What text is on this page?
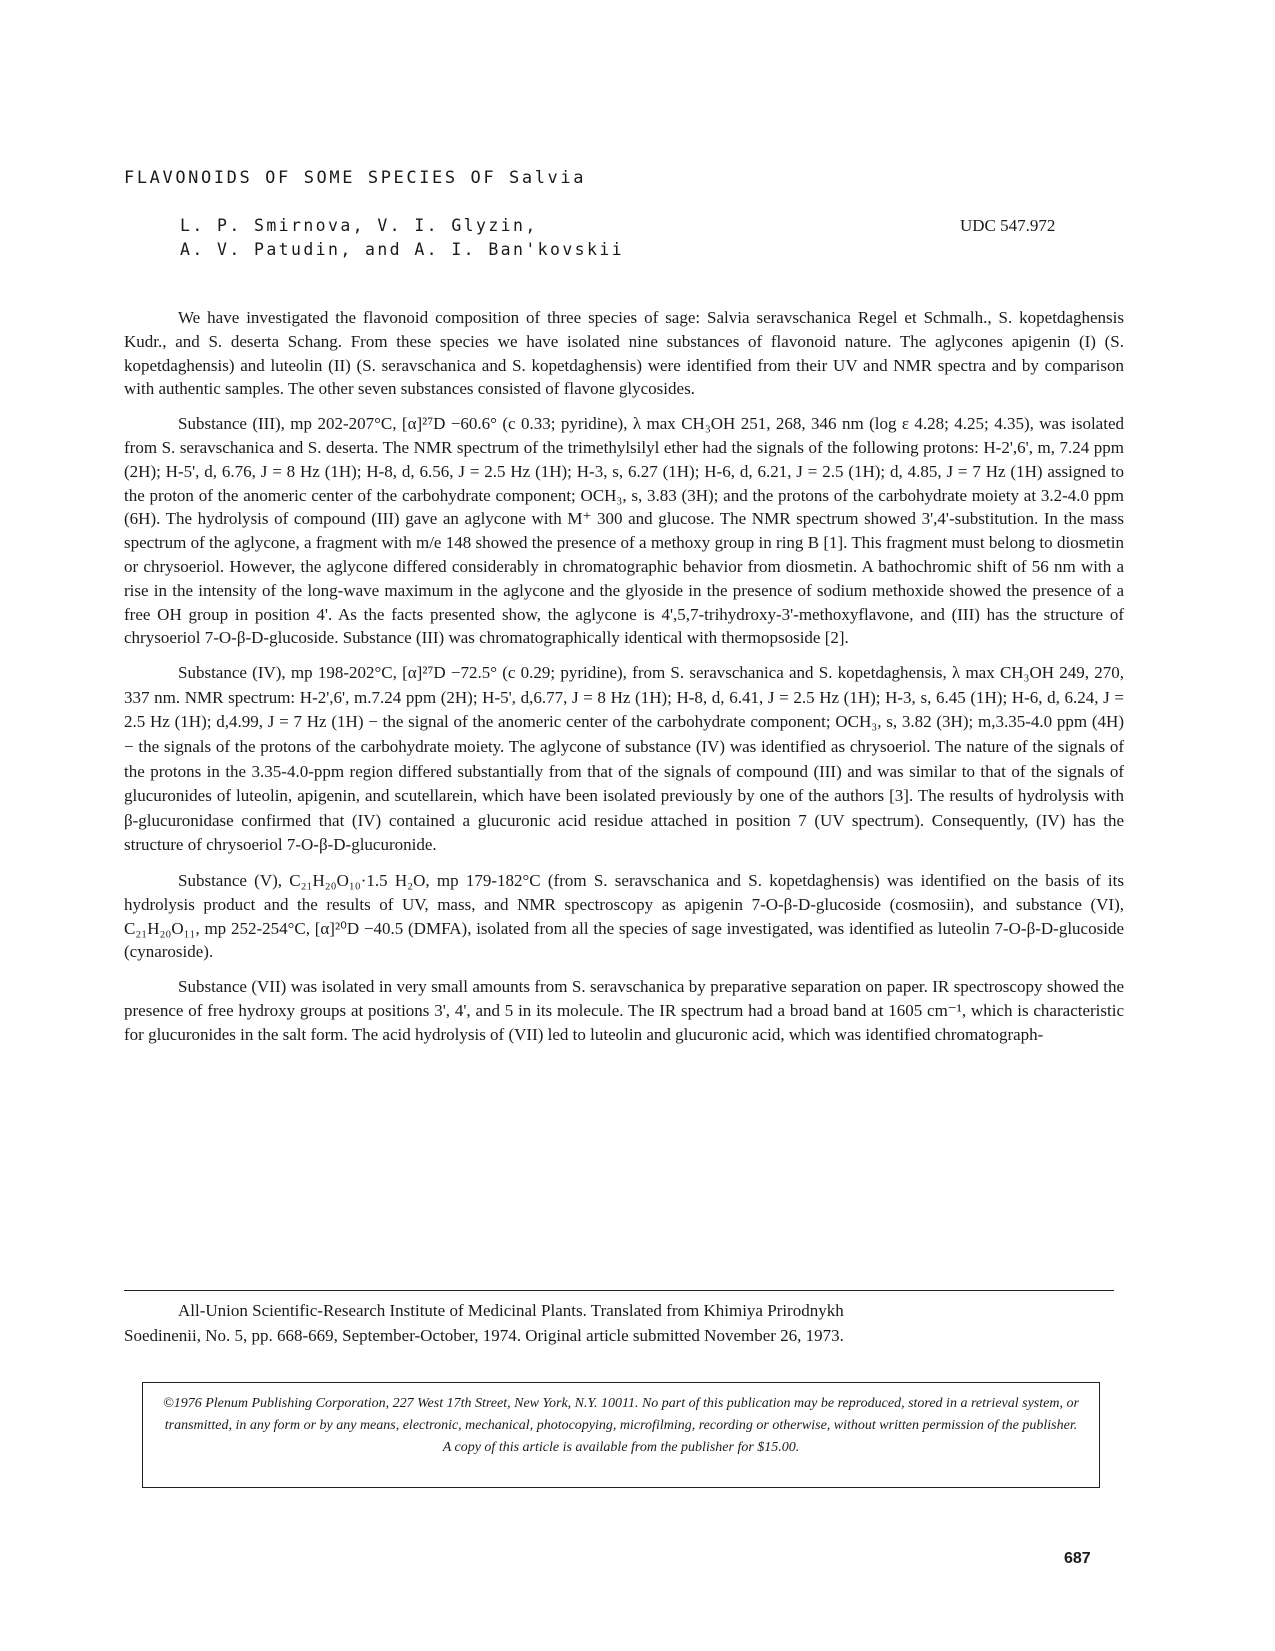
FLAVONOIDS OF SOME SPECIES OF Salvia
L. P. Smirnova, V. I. Glyzin,
A. V. Patudin, and A. I. Ban'kovskii
UDC 547.972

We have investigated the flavonoid composition of three species of sage: Salvia seravschanica Regel et Schmalh., S. kopetdaghensis Kudr., and S. deserta Schang. From these species we have isolated nine substances of flavonoid nature. The aglycones apigenin (I) (S. kopetdaghensis) and luteolin (II) (S. seravschanica and S. kopetdaghensis) were identified from their UV and NMR spectra and by comparison with authentic samples. The other seven substances consisted of flavone glycosides.

Substance (III), mp 202-207°C, [α]²⁷D −60.6° (c 0.33; pyridine), λ max CH₃OH 251, 268, 346 nm (log ε 4.28; 4.25; 4.35), was isolated from S. seravschanica and S. deserta. The NMR spectrum of the trimethylsilyl ether had the signals of the following protons: H-2',6', m, 7.24 ppm (2H); H-5', d, 6.76, J = 8 Hz (1H); H-8, d, 6.56, J = 2.5 Hz (1H); H-3, s, 6.27 (1H); H-6, d, 6.21, J = 2.5 (1H); d, 4.85, J = 7 Hz (1H) assigned to the proton of the anomeric center of the carbohydrate component; OCH₃, s, 3.83 (3H); and the protons of the carbohydrate moiety at 3.2-4.0 ppm (6H). The hydrolysis of compound (III) gave an aglycone with M⁺ 300 and glucose. The NMR spectrum showed 3',4'-substitution. In the mass spectrum of the aglycone, a fragment with m/e 148 showed the presence of a methoxy group in ring B [1]. This fragment must belong to diosmetin or chrysoeriol. However, the aglycone differed considerably in chromatographic behavior from diosmetin. A bathochromic shift of 56 nm with a rise in the intensity of the long-wave maximum in the aglycone and the glyoside in the presence of sodium methoxide showed the presence of a free OH group in position 4'. As the facts presented show, the aglycone is 4',5,7-trihydroxy-3'-methoxyflavone, and (III) has the structure of chrysoeriol 7-O-β-D-glucoside. Substance (III) was chromatographically identical with thermopsoside [2].

Substance (IV), mp 198-202°C, [α]²⁷D −72.5° (c 0.29; pyridine), from S. seravschanica and S. kopetdaghensis, λ max CH₃OH 249, 270, 337 nm. NMR spectrum: H-2',6', m.7.24 ppm (2H); H-5', d,6.77, J = 8 Hz (1H); H-8, d, 6.41, J = 2.5 Hz (1H); H-3, s, 6.45 (1H); H-6, d, 6.24, J = 2.5 Hz (1H); d,4.99, J = 7 Hz (1H) − the signal of the anomeric center of the carbohydrate component; OCH₃, s, 3.82 (3H); m,3.35-4.0 ppm (4H) − the signals of the protons of the carbohydrate moiety. The aglycone of substance (IV) was identified as chrysoeriol. The nature of the signals of the protons in the 3.35-4.0-ppm region differed substantially from that of the signals of compound (III) and was similar to that of the signals of glucuronides of luteolin, apigenin, and scutellarein, which have been isolated previously by one of the authors [3]. The results of hydrolysis with β-glucuronidase confirmed that (IV) contained a glucuronic acid residue attached in position 7 (UV spectrum). Consequently, (IV) has the structure of chrysoeriol 7-O-β-D-glucuronide.

Substance (V), C₂₁H₂₀O₁₀·1.5 H₂O, mp 179-182°C (from S. seravschanica and S. kopetdaghensis) was identified on the basis of its hydrolysis product and the results of UV, mass, and NMR spectroscopy as apigenin 7-O-β-D-glucoside (cosmosiin), and substance (VI), C₂₁H₂₀O₁₁, mp 252-254°C, [α]²⁰D −40.5 (DMFA), isolated from all the species of sage investigated, was identified as luteolin 7-O-β-D-glucoside (cynaroside).

Substance (VII) was isolated in very small amounts from S. seravschanica by preparative separation on paper. IR spectroscopy showed the presence of free hydroxy groups at positions 3', 4', and 5 in its molecule. The IR spectrum had a broad band at 1605 cm⁻¹, which is characteristic for glucuronides in the salt form. The acid hydrolysis of (VII) led to luteolin and glucuronic acid, which was identified chromatograph-

All-Union Scientific-Research Institute of Medicinal Plants. Translated from Khimiya Prirodnykh
Soedinenii, No. 5, pp. 668-669, September-October, 1974. Original article submitted November 26, 1973.
©1976 Plenum Publishing Corporation, 227 West 17th Street, New York, N.Y. 10011. No part of this publication may be reproduced, stored in a retrieval system, or transmitted, in any form or by any means, electronic, mechanical, photocopying, microfilming, recording or otherwise, without written permission of the publisher. A copy of this article is available from the publisher for $15.00.
687
